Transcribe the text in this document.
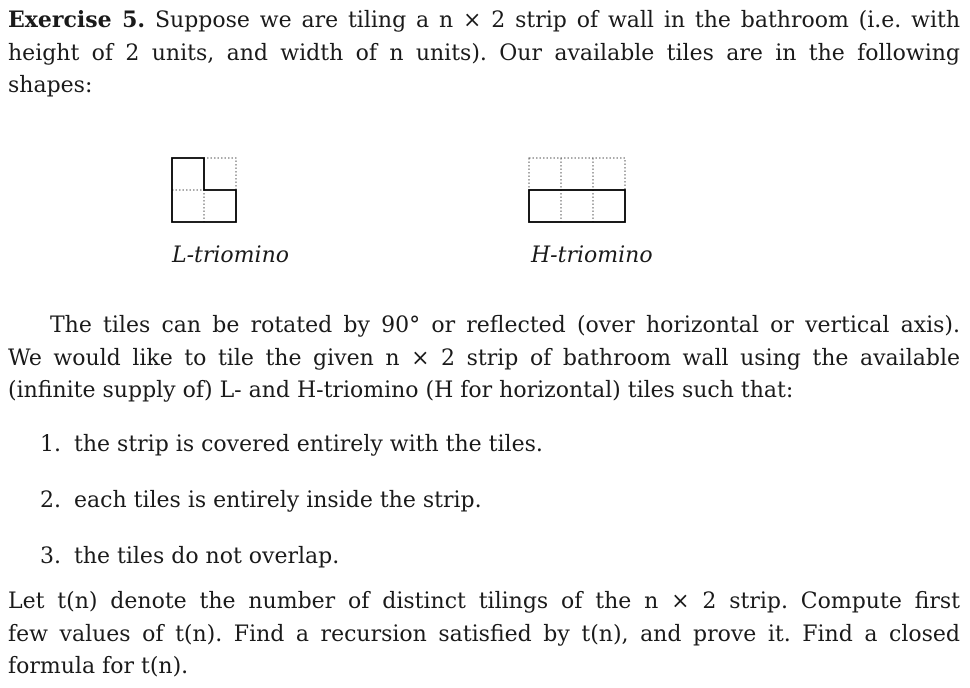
Exercise 5. Suppose we are tiling a n × 2 strip of wall in the bathroom (i.e. with
height of 2 units, and width of n units). Our available tiles are in the following
shapes:
L-triomino	H-triomino
The tiles can be rotated by 90° or reflected (over horizontal or vertical axis).
We would like to tile the given n × 2 strip of bathroom wall using the available
(infinite supply of) L- and H-triomino (H for horizontal) tiles such that:
1. the strip is covered entirely with the tiles.
2. each tiles is entirely inside the strip.
3. the tiles do not overlap.
Let t(n) denote the number of distinct tilings of the n × 2 strip. Compute first
few values of t(n). Find a recursion satisfied by t(n), and prove it. Find a closed
formula for t(n).
